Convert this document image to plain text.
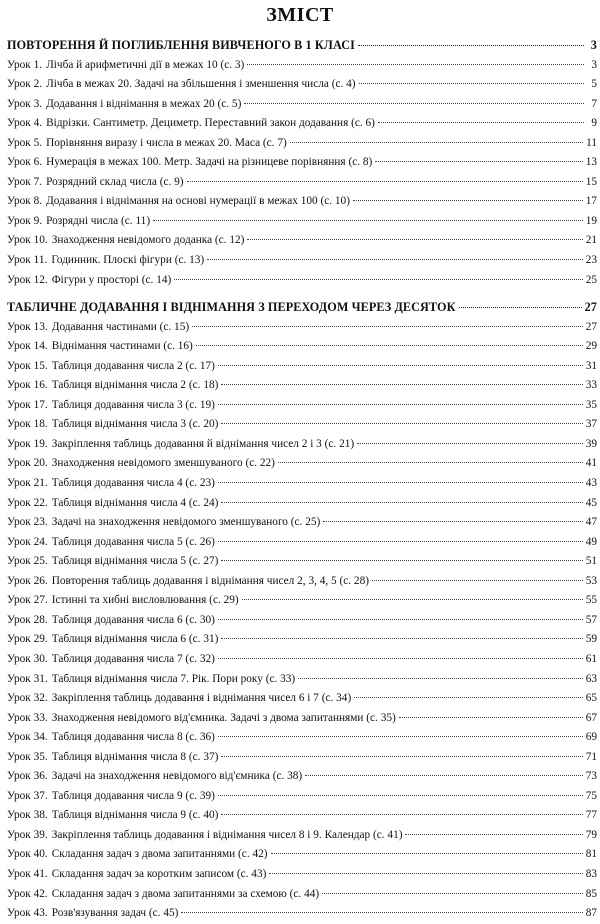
ЗМІСТ
ПОВТОРЕННЯ Й ПОГЛИБЛЕННЯ ВИВЧЕНОГО В 1 КЛАСІ	3
Урок 1. Лічба й арифметичні дії в межах 10 (с. 3)	3
Урок 2. Лічба в межах 20. Задачі на збільшення і зменшення числа (с. 4)	5
Урок 3. Додавання і віднімання в межах 20 (с. 5)	7
Урок 4. Відрізки. Сантиметр. Дециметр. Переставний закон додавання (с. 6)	9
Урок 5. Порівняння виразу і числа в межах 20. Маса (с. 7)	11
Урок 6. Нумерація в межах 100. Метр. Задачі на різницеве порівняння (с. 8)	13
Урок 7. Розрядний склад числа (с. 9)	15
Урок 8. Додавання і віднімання на основі нумерації в межах 100 (с. 10)	17
Урок 9. Розрядні числа (с. 11)	19
Урок 10. Знаходження невідомого доданка (с. 12)	21
Урок 11. Годинник. Плоскі фігури (с. 13)	23
Урок 12. Фігури у просторі (с. 14)	25
ТАБЛИЧНЕ ДОДАВАННЯ І ВІДНІМАННЯ З ПЕРЕХОДОМ ЧЕРЕЗ ДЕСЯТОК	27
Урок 13. Додавання частинами (с. 15)	27
Урок 14. Віднімання частинами (с. 16)	29
Урок 15. Таблиця додавання числа 2 (с. 17)	31
Урок 16. Таблиця віднімання числа 2 (с. 18)	33
Урок 17. Таблиця додавання числа 3 (с. 19)	35
Урок 18. Таблиця віднімання числа 3 (с. 20)	37
Урок 19. Закріплення таблиць додавання й віднімання чисел 2 і 3 (с. 21)	39
Урок 20. Знаходження невідомого зменшуваного (с. 22)	41
Урок 21. Таблиця додавання числа 4 (с. 23)	43
Урок 22. Таблиця віднімання числа 4 (с. 24)	45
Урок 23. Задачі на знаходження невідомого зменшуваного (с. 25)	47
Урок 24. Таблиця додавання числа 5 (с. 26)	49
Урок 25. Таблиця віднімання числа 5 (с. 27)	51
Урок 26. Повторення таблиць додавання і віднімання чисел 2, 3, 4, 5 (с. 28)	53
Урок 27. Істинні та хибні висловлювання (с. 29)	55
Урок 28. Таблиця додавання числа 6 (с. 30)	57
Урок 29. Таблиця віднімання числа 6 (с. 31)	59
Урок 30. Таблиця додавання числа 7 (с. 32)	61
Урок 31. Таблиця віднімання числа 7. Рік. Пори року (с. 33)	63
Урок 32. Закріплення таблиць додавання і віднімання чисел 6 і 7 (с. 34)	65
Урок 33. Знаходження невідомого від'ємника. Задачі з двома запитаннями (с. 35)	67
Урок 34. Таблиця додавання числа 8 (с. 36)	69
Урок 35. Таблиця віднімання числа 8 (с. 37)	71
Урок 36. Задачі на знаходження невідомого від'ємника (с. 38)	73
Урок 37. Таблиця додавання числа 9 (с. 39)	75
Урок 38. Таблиця віднімання числа 9 (с. 40)	77
Урок 39. Закріплення таблиць додавання і віднімання чисел 8 і 9. Календар (с. 41)	79
Урок 40. Складання задач з двома запитаннями (с. 42)	81
Урок 41. Складання задач за коротким записом (с. 43)	83
Урок 42. Складання задач з двома запитаннями за схемою (с. 44)	85
Урок 43. Розв'язування задач (с. 45)	87
